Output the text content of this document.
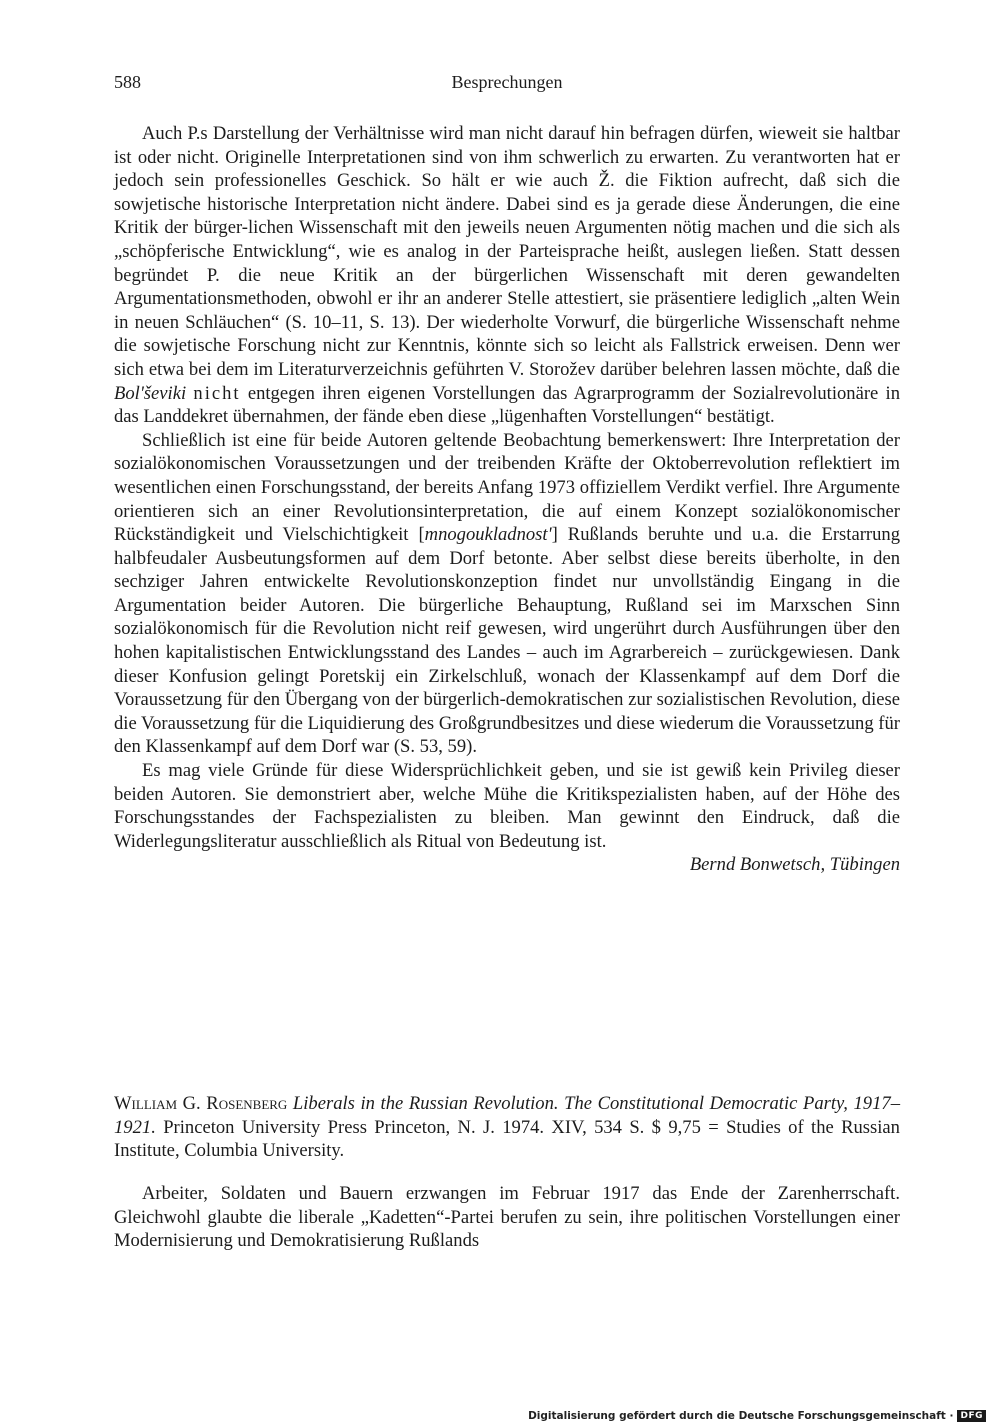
588	Besprechungen

Auch P.s Darstellung der Verhältnisse wird man nicht darauf hin befragen dürfen, wieweit sie haltbar ist oder nicht. Originelle Interpretationen sind von ihm schwerlich zu erwarten. Zu verantworten hat er jedoch sein professionelles Geschick. So hält er wie auch Ž. die Fiktion aufrecht, daß sich die sowjetische historische Interpretation nicht ändere. Dabei sind es ja gerade diese Änderungen, die eine Kritik der bürger-lichen Wissenschaft mit den jeweils neuen Argumenten nötig machen und die sich als „schöpferische Entwicklung“, wie es analog in der Parteisprache heißt, auslegen ließen. Statt dessen begründet P. die neue Kritik an der bürgerlichen Wissenschaft mit deren gewandelten Argumentationsmethoden, obwohl er ihr an anderer Stelle attestiert, sie präsentiere lediglich „alten Wein in neuen Schläuchen“ (S. 10–11, S. 13). Der wiederholte Vorwurf, die bürgerliche Wissenschaft nehme die sowjetische Forschung nicht zur Kenntnis, könnte sich so leicht als Fallstrick erweisen. Denn wer sich etwa bei dem im Literaturverzeichnis geführten V. Storožev darüber belehren lassen möchte, daß die Bol'ševiki nicht entgegen ihren eigenen Vorstellungen das Agrarprogramm der Sozialrevolutionäre in das Landdekret übernahmen, der fände eben diese „lügenhaften Vorstellungen“ bestätigt.

Schließlich ist eine für beide Autoren geltende Beobachtung bemerkenswert: Ihre Interpretation der sozialökonomischen Voraussetzungen und der treibenden Kräfte der Oktoberrevolution reflektiert im wesentlichen einen Forschungsstand, der bereits Anfang 1973 offiziellem Verdikt verfiel. Ihre Argumente orientieren sich an einer Revolutionsinterpretation, die auf einem Konzept sozialökonomischer Rückständigkeit und Vielschichtigkeit [mnogoukladnost'] Rußlands beruhte und u.a. die Erstarrung halbfeudaler Ausbeutungsformen auf dem Dorf betonte. Aber selbst diese bereits überholte, in den sechziger Jahren entwickelte Revolutionskonzeption findet nur unvollständig Eingang in die Argumentation beider Autoren. Die bürgerliche Behauptung, Rußland sei im Marxschen Sinn sozialökonomisch für die Revolution nicht reif gewesen, wird ungerührt durch Ausführungen über den hohen kapitalistischen Entwicklungsstand des Landes – auch im Agrarbereich – zurückgewiesen. Dank dieser Konfusion gelingt Poretskij ein Zirkelschluß, wonach der Klassenkampf auf dem Dorf die Voraussetzung für den Übergang von der bürgerlich-demokratischen zur sozialistischen Revolution, diese die Voraussetzung für die Liquidierung des Großgrundbesitzes und diese wiederum die Voraussetzung für den Klassenkampf auf dem Dorf war (S. 53, 59).

Es mag viele Gründe für diese Widersprüchlichkeit geben, und sie ist gewiß kein Privileg dieser beiden Autoren. Sie demonstriert aber, welche Mühe die Kritikspezialisten haben, auf der Höhe des Forschungsstandes der Fachspezialisten zu bleiben. Man gewinnt den Eindruck, daß die Widerlegungsliteratur ausschließlich als Ritual von Bedeutung ist.

Bernd Bonwetsch, Tübingen

William G. Rosenberg Liberals in the Russian Revolution. The Constitutional Democratic Party, 1917–1921. Princeton University Press Princeton, N. J. 1974. XIV, 534 S. $ 9,75 = Studies of the Russian Institute, Columbia University.

Arbeiter, Soldaten und Bauern erzwangen im Februar 1917 das Ende der Zarenherrschaft. Gleichwohl glaubte die liberale „Kadetten“-Partei berufen zu sein, ihre politischen Vorstellungen einer Modernisierung und Demokratisierung Rußlands

Digitalisierung gefördert durch die Deutsche Forschungsgemeinschaft · DFG
